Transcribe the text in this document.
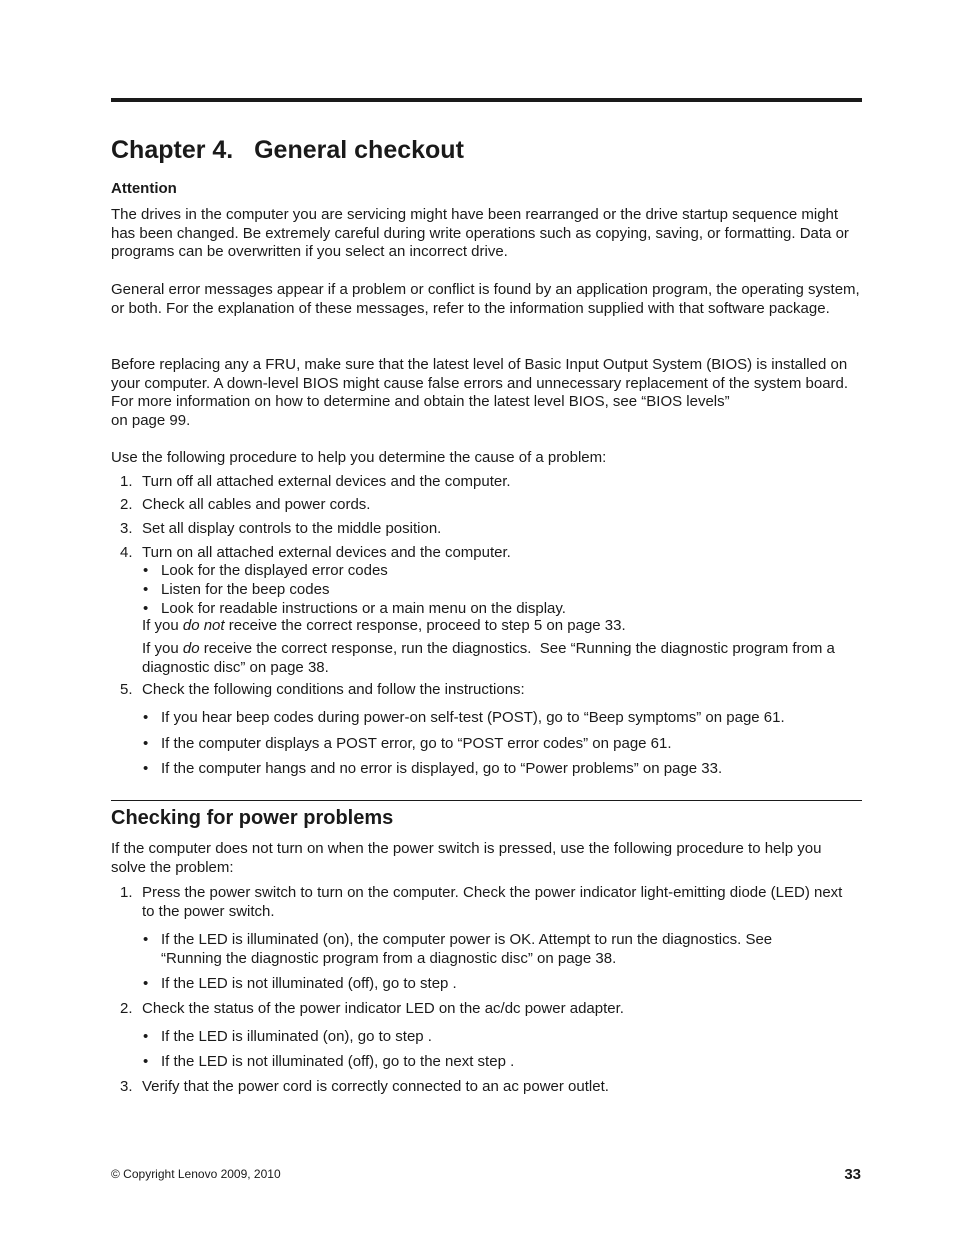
Chapter 4.   General checkout
Attention

The drives in the computer you are servicing might have been rearranged or the drive startup sequence might has been changed. Be extremely careful during write operations such as copying, saving, or formatting. Data or programs can be overwritten if you select an incorrect drive.

General error messages appear if a problem or conflict is found by an application program, the operating system, or both. For the explanation of these messages, refer to the information supplied with that software package.

Before replacing any a FRU, make sure that the latest level of Basic Input Output System (BIOS) is installed on your computer. A down-level BIOS might cause false errors and unnecessary replacement of the system board. For more information on how to determine and obtain the latest level BIOS, see “BIOS levels”
on page 99.

Use the following procedure to help you determine the cause of a problem:

1. Turn off all attached external devices and the computer.
2. Check all cables and power cords.
3. Set all display controls to the middle position.
4. Turn on all attached external devices and the computer.
• Look for the displayed error codes
• Listen for the beep codes
• Look for readable instructions or a main menu on the display.
If you do not receive the correct response, proceed to step 5 on page 33.
If you do receive the correct response, run the diagnostics.  See “Running the diagnostic program from a diagnostic disc” on page 38.
5. Check the following conditions and follow the instructions:
• If you hear beep codes during power-on self-test (POST), go to “Beep symptoms” on page 61.
• If the computer displays a POST error, go to “POST error codes” on page 61.
• If the computer hangs and no error is displayed, go to “Power problems” on page 33.
Checking for power problems

If the computer does not turn on when the power switch is pressed, use the following procedure to help you solve the problem:

1. Press the power switch to turn on the computer. Check the power indicator light-emitting diode (LED) next to the power switch.
• If the LED is illuminated (on), the computer power is OK. Attempt to run the diagnostics. See “Running the diagnostic program from a diagnostic disc” on page 38.
• If the LED is not illuminated (off), go to step .
2. Check the status of the power indicator LED on the ac/dc power adapter.
• If the LED is illuminated (on), go to step .
• If the LED is not illuminated (off), go to the next step .
3. Verify that the power cord is correctly connected to an ac power outlet.
© Copyright Lenovo 2009, 2010	33
